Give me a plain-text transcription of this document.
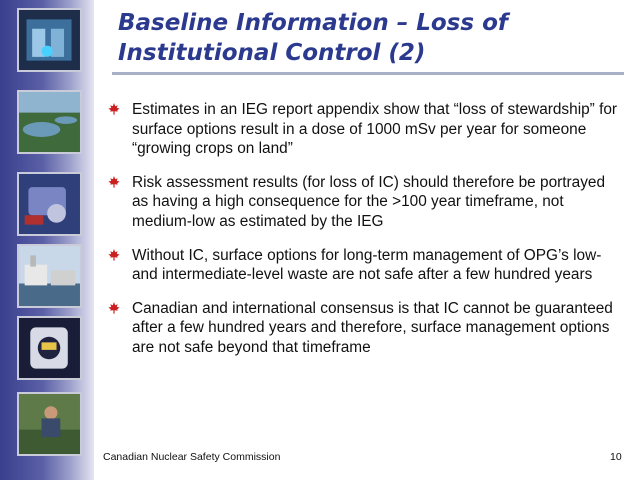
Baseline Information – Loss of Institutional Control (2)
Estimates in an IEG report appendix show that “loss of stewardship” for surface options result in a dose of 1000 mSv per year for someone “growing crops on land”
Risk assessment results (for loss of IC) should therefore be portrayed as having a high consequence for the >100 year timeframe, not medium-low as estimated by the IEG
Without IC, surface options for long-term management of OPG’s low- and intermediate-level waste are not safe after a few hundred years
Canadian and international consensus is that IC cannot be guaranteed after a few hundred years and therefore, surface management options are not safe beyond that timeframe
Canadian Nuclear Safety Commission	10
